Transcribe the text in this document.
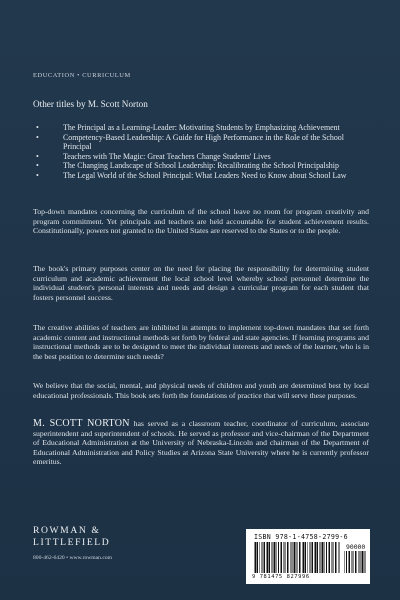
EDUCATION • CURRICULUM
Other titles by M. Scott Norton
• The Principal as a Learning-Leader: Motivating Students by Emphasizing Achievement
• Competency-Based Leadership: A Guide for High Performance in the Role of the School Principal
• Teachers with The Magic: Great Teachers Change Students' Lives
• The Changing Landscape of School Leadership: Recalibrating the School Principalship
• The Legal World of the School Principal: What Leaders Need to Know about School Law

Top-down mandates concerning the curriculum of the school leave no room for program creativity and program commitment. Yet principals and teachers are held accountable for student achievement results. Constitutionally, powers not granted to the United States are reserved to the States or to the people.

The book's primary purposes center on the need for placing the responsibility for determining student curriculum and academic achievement the local school level whereby school personnel determine the individual student's personal interests and needs and design a curricular program for each student that fosters personnel success.

The creative abilities of teachers are inhibited in attempts to implement top-down mandates that set forth academic content and instructional methods set forth by federal and state agencies. If learning programs and instructional methods are to be designed to meet the individual interests and needs of the learner, who is in the best position to determine such needs?

We believe that the social, mental, and physical needs of children and youth are determined best by local educational professionals. This book sets forth the foundations of practice that will serve these purposes.

M. SCOTT NORTON has served as a classroom teacher, coordinator of curriculum, associate superintendent and superintendent of schools. He served as professor and vice-chairman of the Department of Educational Administration at the University of Nebraska-Lincoln and chairman of the Department of Educational Administration and Policy Studies at Arizona State University where he is currently professor emeritus.

ROWMAN &
LITTLEFIELD
800-462-6420 • www.rowman.com
ISBN 978-1-4758-2799-6
90000
9 781475 827996
